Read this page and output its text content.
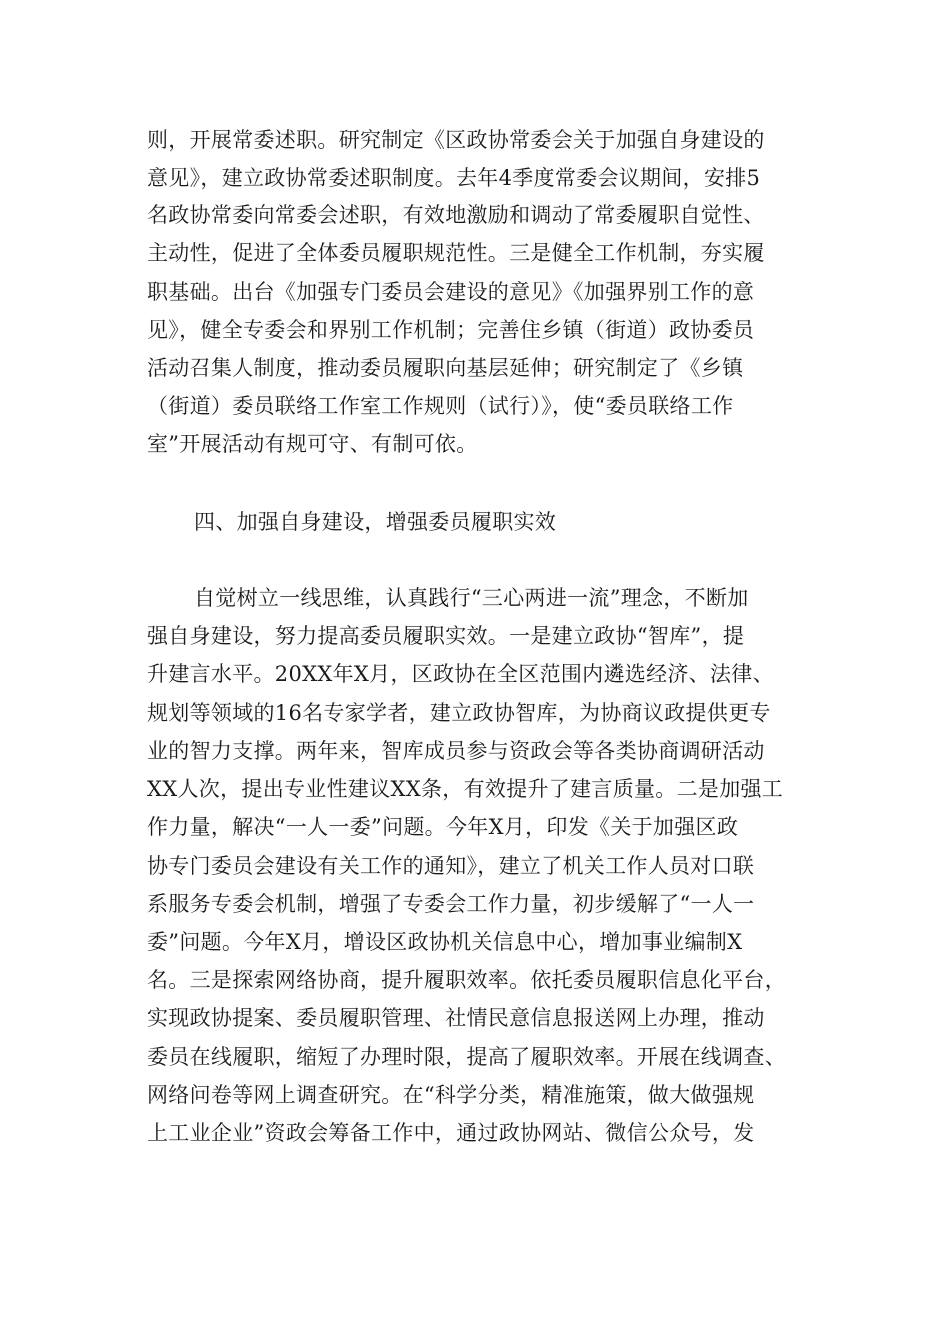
则，开展常委述职。研究制定《区政协常委会关于加强自身建设的

意见》，建立政协常委述职制度。去年4季度常委会议期间，安排5

名政协常委向常委会述职，有效地激励和调动了常委履职自觉性、

主动性，促进了全体委员履职规范性。三是健全工作机制，夯实履

职基础。出台《加强专门委员会建设的意见》《加强界别工作的意

见》，健全专委会和界别工作机制；完善住乡镇（街道）政协委员

活动召集人制度，推动委员履职向基层延伸；研究制定了《乡镇

（街道）委员联络工作室工作规则（试行）》，使“委员联络工作

室”开展活动有规可守、有制可依。

四、加强自身建设，增强委员履职实效

自觉树立一线思维，认真践行“三心两进一流”理念，不断加

强自身建设，努力提高委员履职实效。一是建立政协“智库”，提

升建言水平。20XX年X月，区政协在全区范围内遴选经济、法律、

规划等领域的16名专家学者，建立政协智库，为协商议政提供更专

业的智力支撑。两年来，智库成员参与资政会等各类协商调研活动

XX人次，提出专业性建议XX条，有效提升了建言质量。二是加强工

作力量，解决“一人一委”问题。今年X月，印发《关于加强区政

协专门委员会建设有关工作的通知》，建立了机关工作人员对口联

系服务专委会机制，增强了专委会工作力量，初步缓解了“一人一

委”问题。今年X月，增设区政协机关信息中心，增加事业编制X

名。三是探索网络协商，提升履职效率。依托委员履职信息化平台，

实现政协提案、委员履职管理、社情民意信息报送网上办理，推动

委员在线履职，缩短了办理时限，提高了履职效率。开展在线调查、

网络问卷等网上调查研究。在“科学分类，精准施策，做大做强规

上工业企业”资政会筹备工作中，通过政协网站、微信公众号，发
